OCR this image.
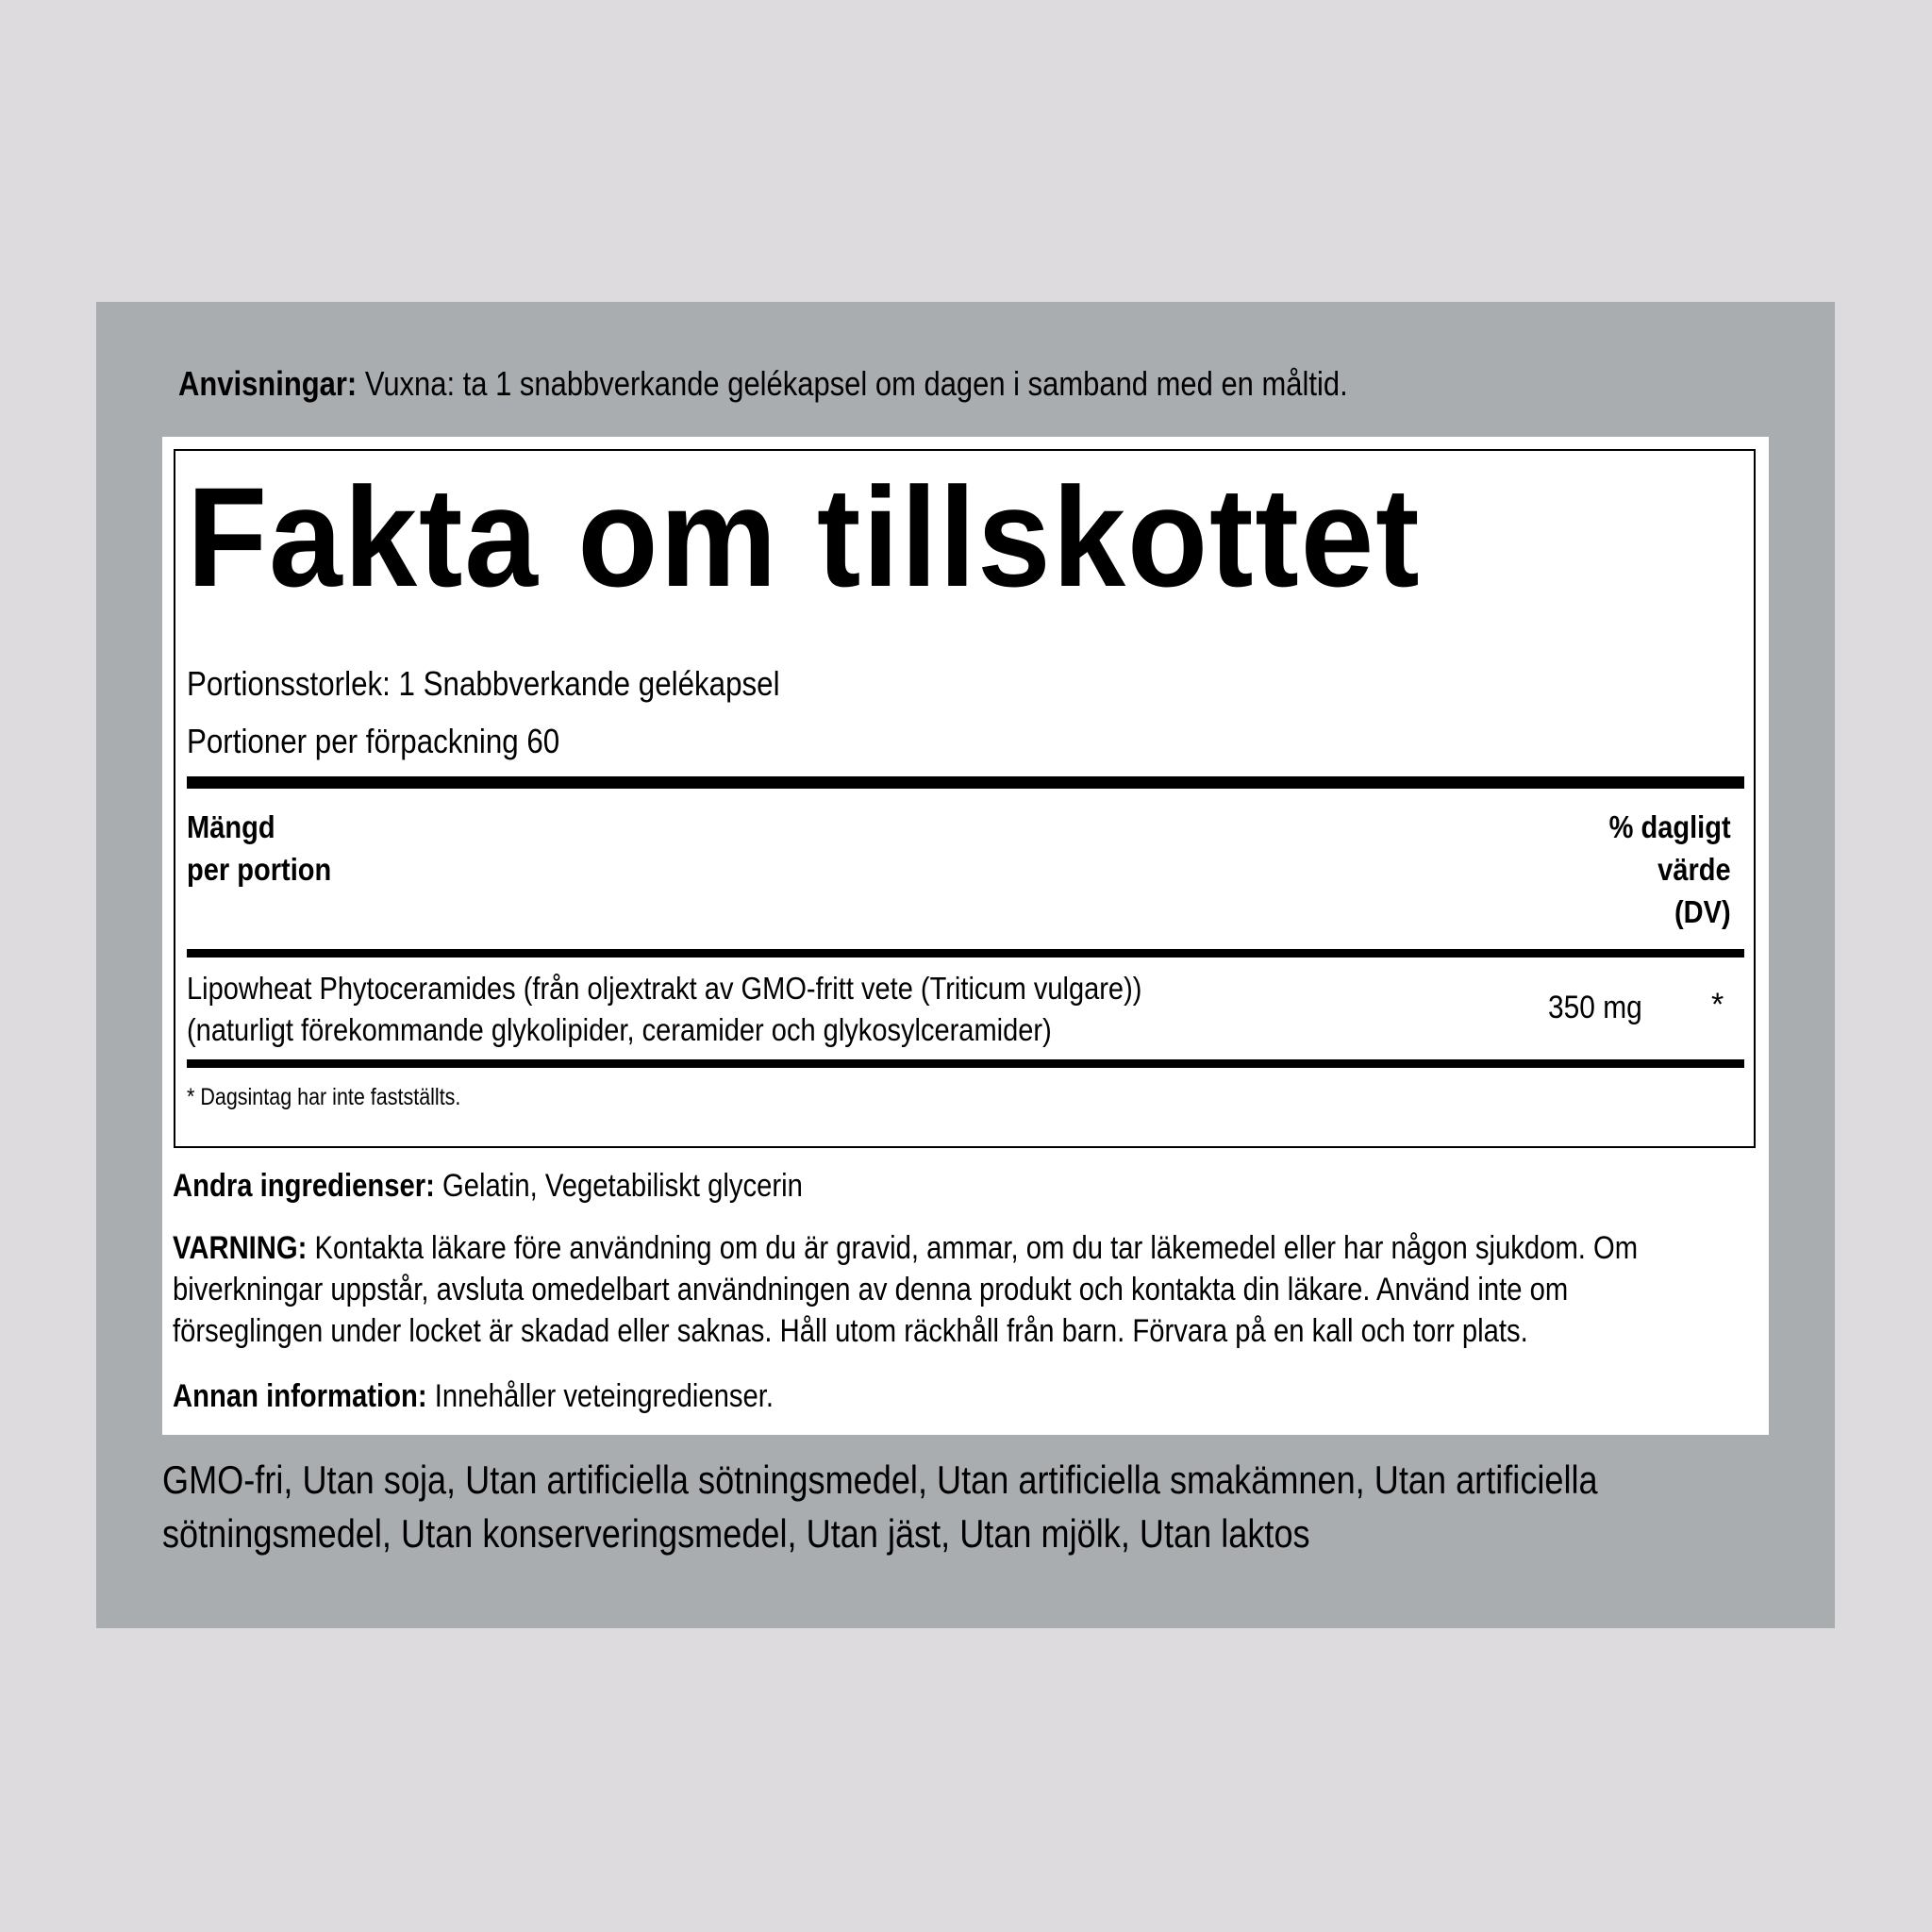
Anvisningar: Vuxna: ta 1 snabbverkande gelékapsel om dagen i samband med en måltid.
Fakta om tillskottet
Portionsstorlek: 1 Snabbverkande gelékapsel
Portioner per förpackning 60
Mängd
per portion
% dagligt
värde
(DV)
Lipowheat Phytoceramides (från oljextrakt av GMO-fritt vete (Triticum vulgare))
(naturligt förekommande glykolipider, ceramider och glykosylceramider)
350 mg *
* Dagsintag har inte fastställts.
Andra ingredienser: Gelatin, Vegetabiliskt glycerin
VARNING: Kontakta läkare före användning om du är gravid, ammar, om du tar läkemedel eller har någon sjukdom. Om biverkningar uppstår, avsluta omedelbart användningen av denna produkt och kontakta din läkare. Använd inte om förseglingen under locket är skadad eller saknas. Håll utom räckhåll från barn. Förvara på en kall och torr plats.
Annan information: Innehåller veteingredienser.
GMO-fri, Utan soja, Utan artificiella sötningsmedel, Utan artificiella smakämnen, Utan artificiella sötningsmedel, Utan konserveringsmedel, Utan jäst, Utan mjölk, Utan laktos
